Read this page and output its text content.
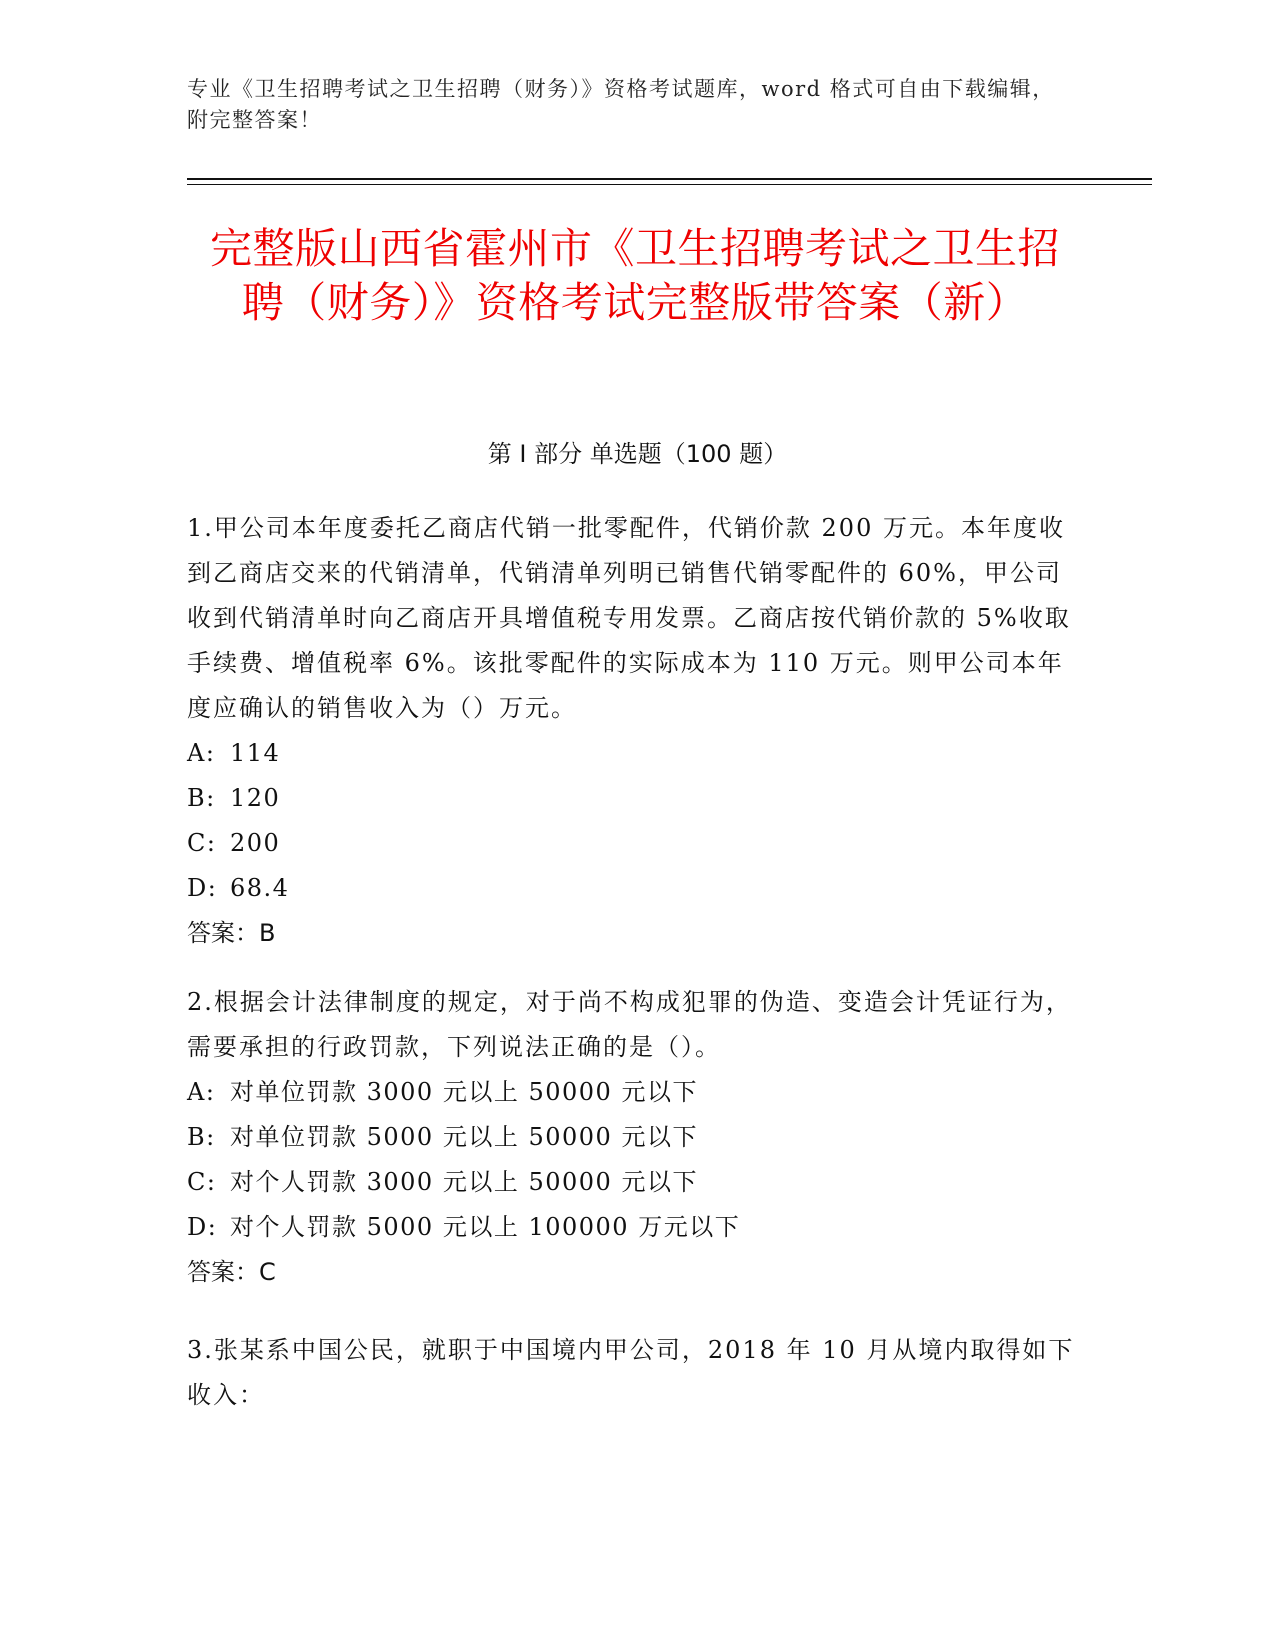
专业《卫生招聘考试之卫生招聘（财务）》资格考试题库，word 格式可自由下载编辑，附完整答案！
完整版山西省霍州市《卫生招聘考试之卫生招聘（财务）》资格考试完整版带答案（新）
第 I 部分 单选题（100 题）

1.甲公司本年度委托乙商店代销一批零配件，代销价款 200 万元。本年度收到乙商店交来的代销清单，代销清单列明已销售代销零配件的 60%，甲公司收到代销清单时向乙商店开具增值税专用发票。乙商店按代销价款的 5%收取手续费、增值税率 6%。该批零配件的实际成本为 110 万元。则甲公司本年度应确认的销售收入为（）万元。

A: 114

B: 120

C: 200

D: 68.4

答案：B

2.根据会计法律制度的规定，对于尚不构成犯罪的伪造、变造会计凭证行为，需要承担的行政罚款，下列说法正确的是（）。

A: 对单位罚款 3000 元以上 50000 元以下

B: 对单位罚款 5000 元以上 50000 元以下

C: 对个人罚款 3000 元以上 50000 元以下

D: 对个人罚款 5000 元以上 100000 万元以下

答案：C

3.张某系中国公民，就职于中国境内甲公司，2018 年 10 月从境内取得如下收入：
